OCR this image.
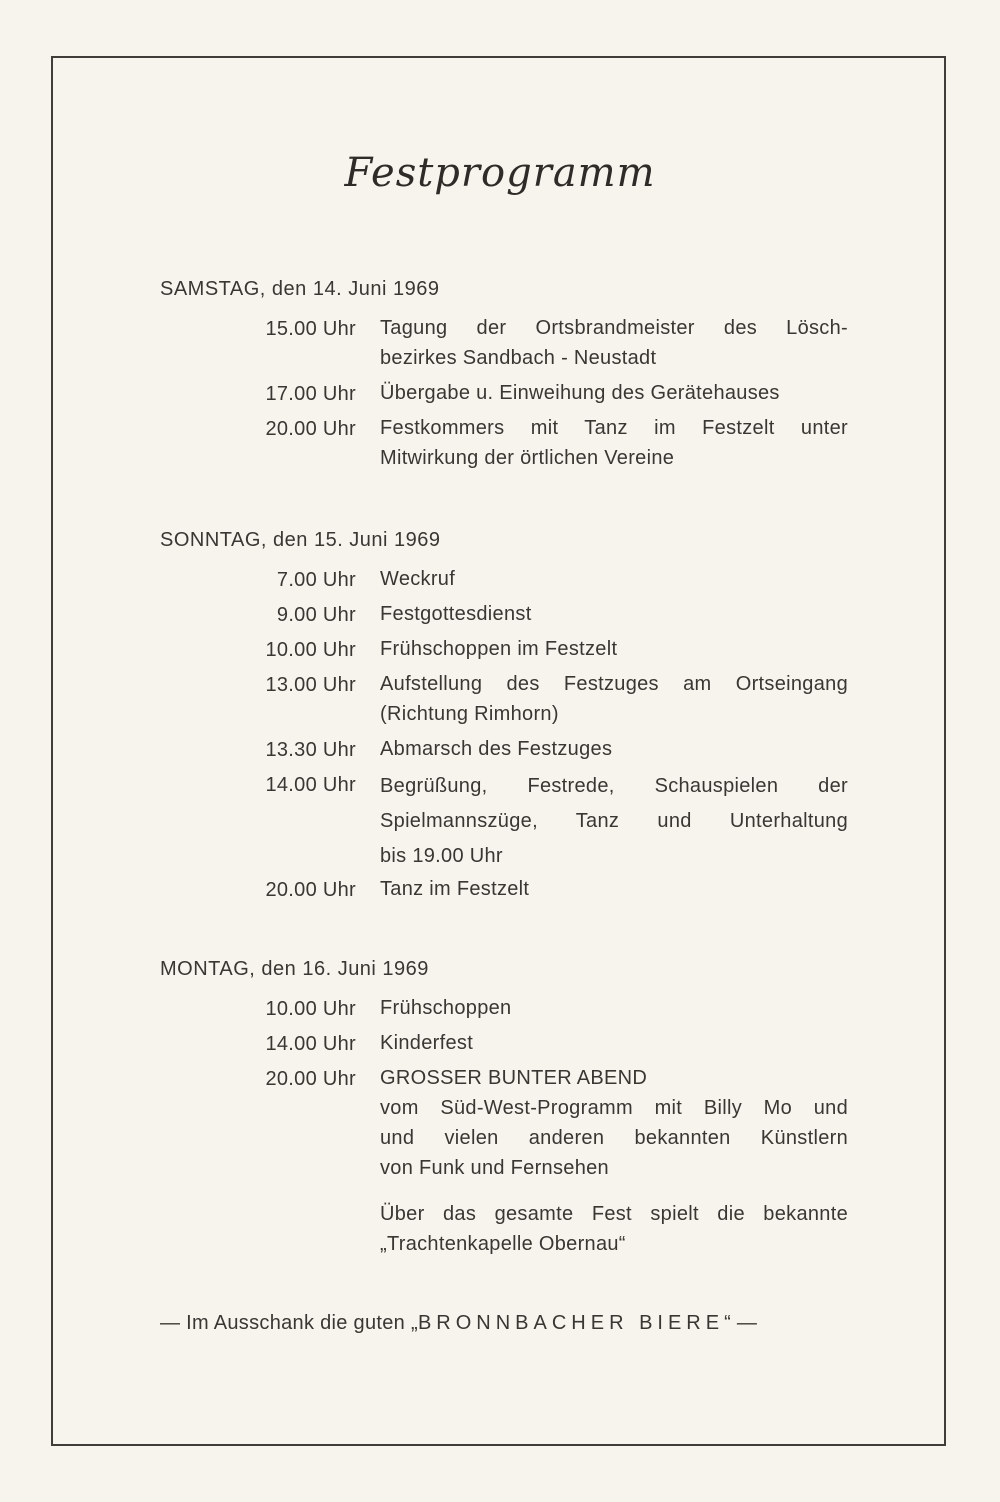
Festprogramm
SAMSTAG, den 14. Juni 1969
15.00 Uhr Tagung der Ortsbrandmeister des Lösch-
bezirkes Sandbach - Neustadt
17.00 Uhr Übergabe u. Einweihung des Gerätehauses
20.00 Uhr Festkommers mit Tanz im Festzelt unter
Mitwirkung der örtlichen Vereine
SONNTAG, den 15. Juni 1969
7.00 Uhr Weckruf
9.00 Uhr Festgottesdienst
10.00 Uhr Frühschoppen im Festzelt
13.00 Uhr Aufstellung des Festzuges am Ortseingang
(Richtung Rimhorn)
13.30 Uhr Abmarsch des Festzuges
14.00 Uhr Begrüßung, Festrede, Schauspielen der
Spielmannszüge, Tanz und Unterhaltung
bis 19.00 Uhr
20.00 Uhr Tanz im Festzelt
MONTAG, den 16. Juni 1969
10.00 Uhr Frühschoppen
14.00 Uhr Kinderfest
20.00 Uhr GROSSER BUNTER ABEND
vom Süd-West-Programm mit Billy Mo und
und vielen anderen bekannten Künstlern
von Funk und Fernsehen
Über das gesamte Fest spielt die bekannte
„Trachtenkapelle Obernau“
— Im Ausschank die guten „BRONNBACHER BIERE“ —
